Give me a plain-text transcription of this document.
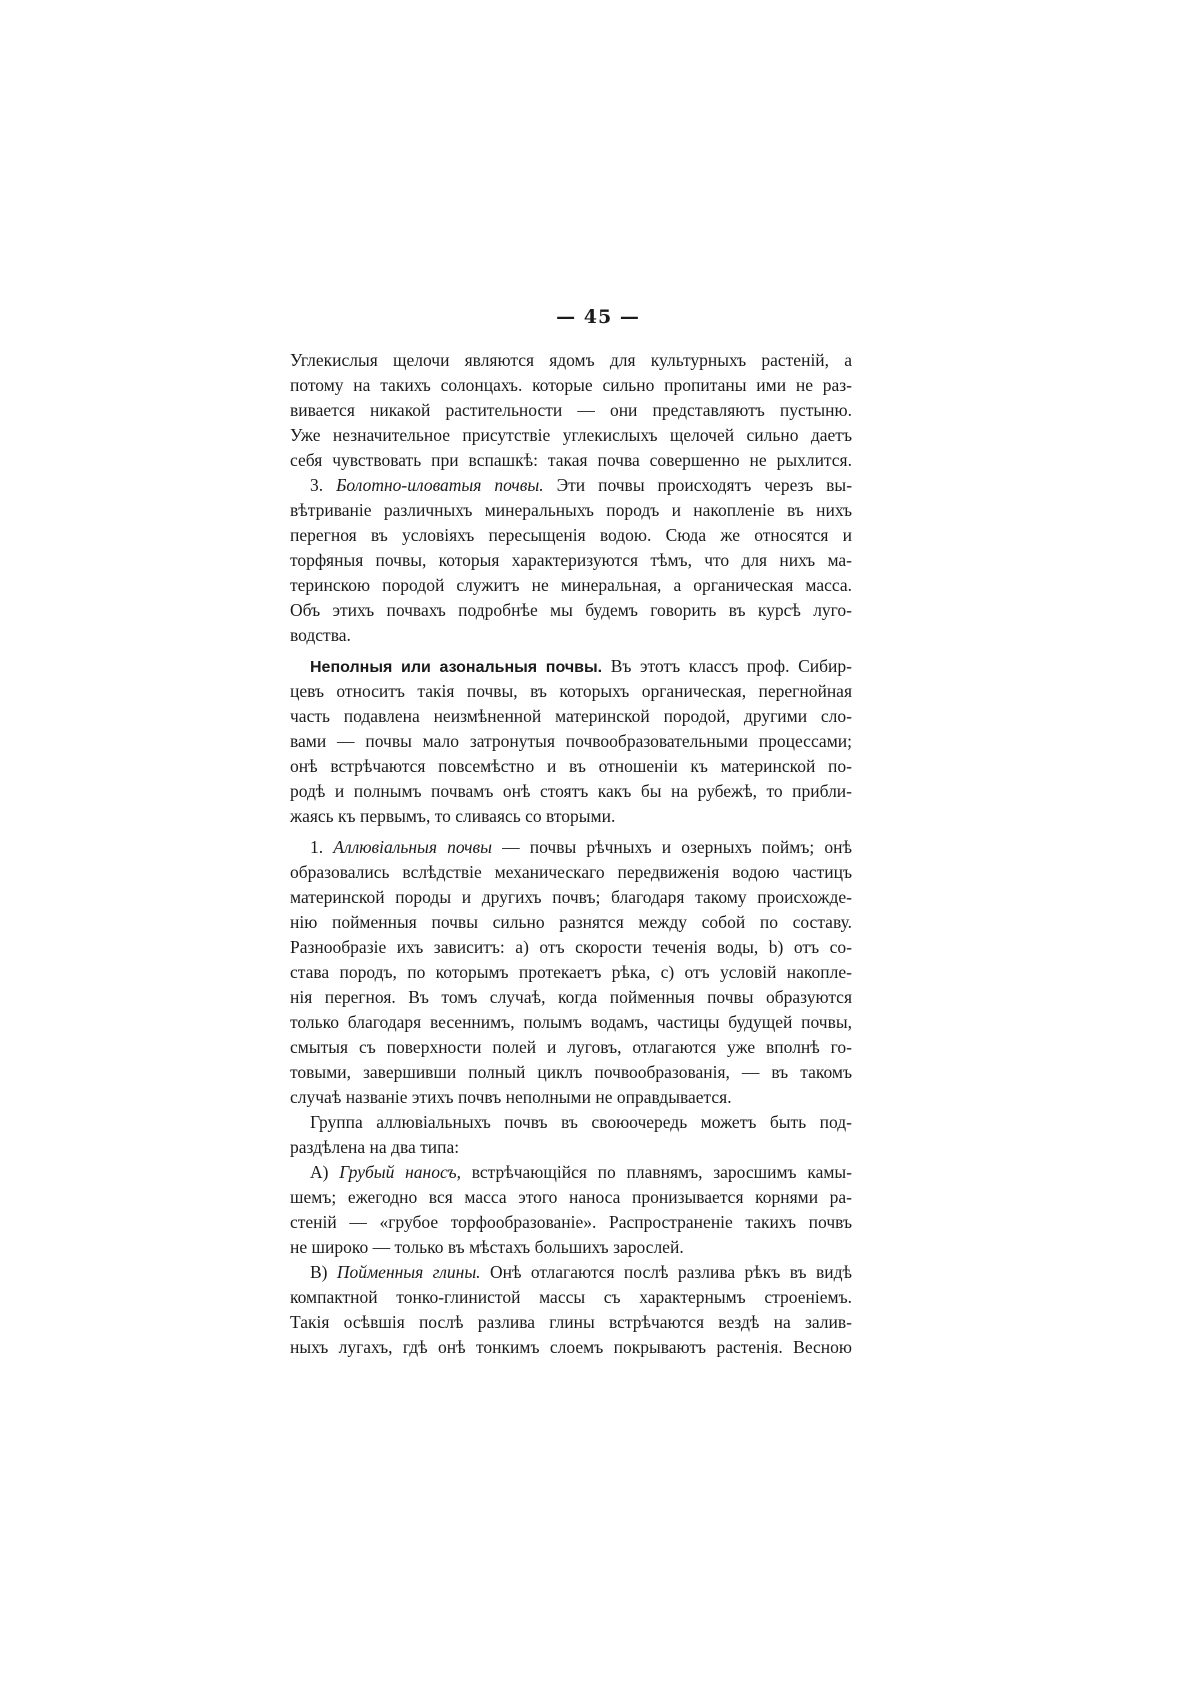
— 45 —
Углекислыя щелочи являются ядомъ для культурныхъ растеній, а
потому на такихъ солонцахъ. которые сильно пропитаны ими не раз-
вивается никакой растительности — они представляютъ пустыню.
Уже незначительное присутствіе углекислыхъ щелочей сильно даетъ
себя чувствовать при вспашкѣ: такая почва совершенно не рыхлится.
3. Болотно-иловатыя почвы. Эти почвы происходятъ черезъ вы-
вѣтриваніе различныхъ минеральныхъ породъ и накопленіе въ нихъ
перегноя въ условіяхъ пересыщенія водою. Сюда же относятся и
торфяныя почвы, которыя характеризуются тѣмъ, что для нихъ ма-
теринскою породой служитъ не минеральная, а органическая масса.
Объ этихъ почвахъ подробнѣе мы будемъ говорить въ курсѣ луго-
водства.
Неполныя или азональныя почвы. Въ этотъ классъ проф. Сибир-
цевъ относитъ такія почвы, въ которыхъ органическая, перегнойная
часть подавлена неизмѣненной материнской породой, другими сло-
вами — почвы мало затронутыя почвообразовательными процессами;
онѣ встрѣчаются повсемѣстно и въ отношеніи къ материнской по-
родѣ и полнымъ почвамъ онѣ стоятъ какъ бы на рубежѣ, то прибли-
жаясь къ первымъ, то сливаясь со вторыми.
1. Аллювіальныя почвы — почвы рѣчныхъ и озерныхъ поймъ; онѣ
образовались вслѣдствіе механическаго передвиженія водою частицъ
материнской породы и другихъ почвъ; благодаря такому происхожде-
нію пойменныя почвы сильно разнятся между собой по составу.
Разнообразіе ихъ зависитъ: a) отъ скорости теченія воды, b) отъ со-
става породъ, по которымъ протекаетъ рѣка, c) отъ условій накопле-
нія перегноя. Въ томъ случаѣ, когда пойменныя почвы образуются
только благодаря весеннимъ, полымъ водамъ, частицы будущей почвы,
смытыя съ поверхности полей и луговъ, отлагаются уже вполнѣ го-
товыми, завершивши полный циклъ почвообразованія, — въ такомъ
случаѣ названіе этихъ почвъ неполными не оправдывается.
Группа аллювіальныхъ почвъ въ своюочередь можетъ быть под-
раздѣлена на два типа:
A) Грубый наносъ, встрѣчающійся по плавнямъ, заросшимъ камы-
шемъ; ежегодно вся масса этого наноса пронизывается корнями ра-
стеній — «грубое торфообразованіе». Распространеніе такихъ почвъ
не широко — только въ мѣстахъ большихъ зарослей.
B) Пойменныя глины. Онѣ отлагаются послѣ разлива рѣкъ въ видѣ
компактной тонко-глинистой массы съ характернымъ строеніемъ.
Такія осѣвшія послѣ разлива глины встрѣчаются вездѣ на залив-
ныхъ лугахъ, гдѣ онѣ тонкимъ слоемъ покрываютъ растенія. Весною
